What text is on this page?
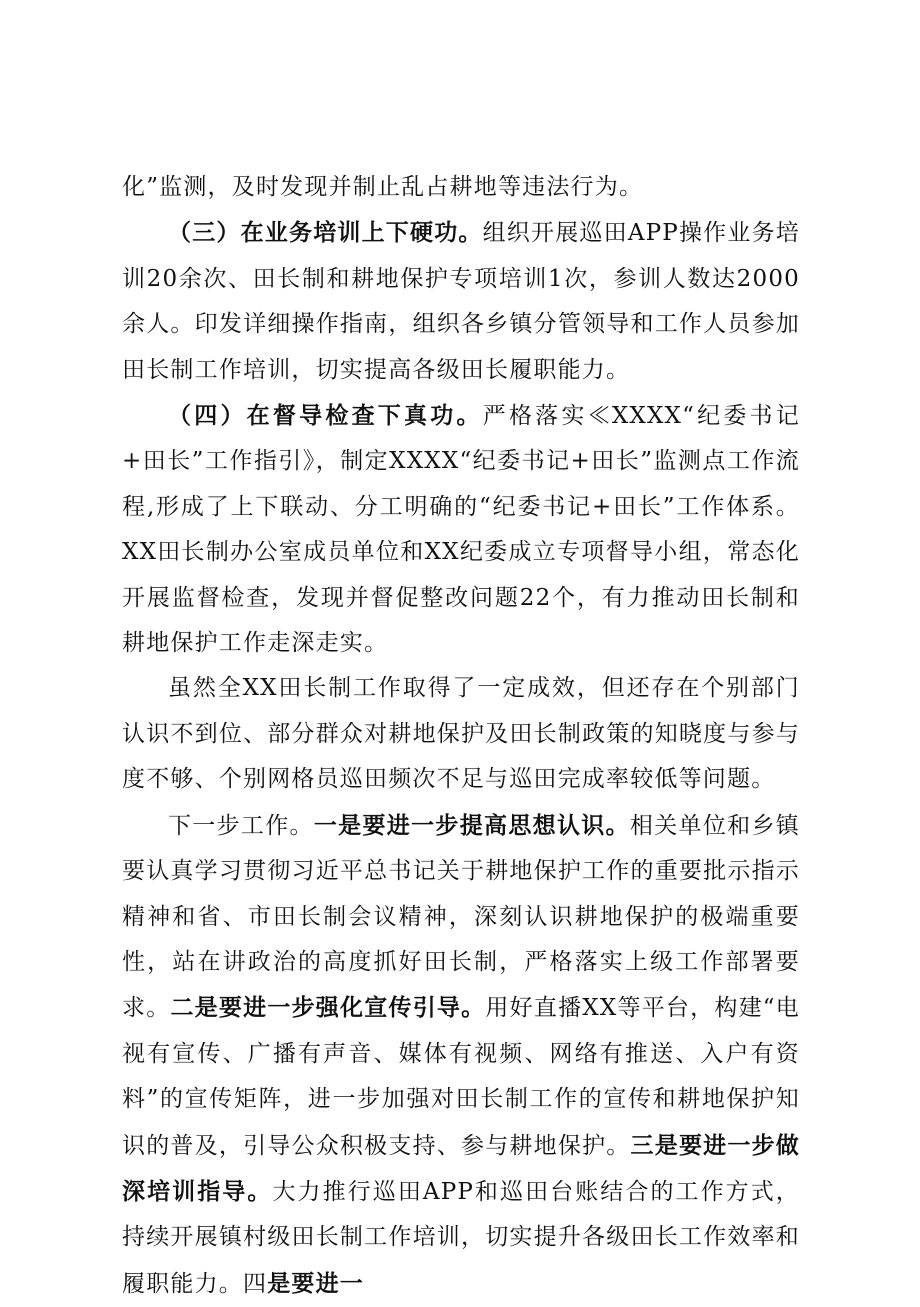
化”监测，及时发现并制止乱占耕地等违法行为。

（三）在业务培训上下硬功。组织开展巡田APP操作业务培训20余次、田长制和耕地保护专项培训1次，参训人数达2000余人。印发详细操作指南，组织各乡镇分管领导和工作人员参加田长制工作培训，切实提高各级田长履职能力。

（四）在督导检查下真功。严格落实≪XXXX“纪委书记+田长”工作指引》，制定XXXX“纪委书记+田长”监测点工作流程,形成了上下联动、分工明确的“纪委书记+田长”工作体系。XX田长制办公室成员单位和XX纪委成立专项督导小组，常态化开展监督检查，发现并督促整改问题22个，有力推动田长制和耕地保护工作走深走实。

虽然全XX田长制工作取得了一定成效，但还存在个别部门认识不到位、部分群众对耕地保护及田长制政策的知晓度与参与度不够、个别网格员巡田频次不足与巡田完成率较低等问题。

下一步工作。一是要进一步提高思想认识。相关单位和乡镇要认真学习贯彻习近平总书记关于耕地保护工作的重要批示指示精神和省、市田长制会议精神，深刻认识耕地保护的极端重要性，站在讲政治的高度抓好田长制，严格落实上级工作部署要求。二是要进一步强化宣传引导。用好直播XX等平台，构建“电视有宣传、广播有声音、媒体有视频、网络有推送、入户有资料”的宣传矩阵，进一步加强对田长制工作的宣传和耕地保护知识的普及，引导公众积极支持、参与耕地保护。三是要进一步做深培训指导。大力推行巡田APP和巡田台账结合的工作方式，持续开展镇村级田长制工作培训，切实提升各级田长工作效率和履职能力。四是要进一
